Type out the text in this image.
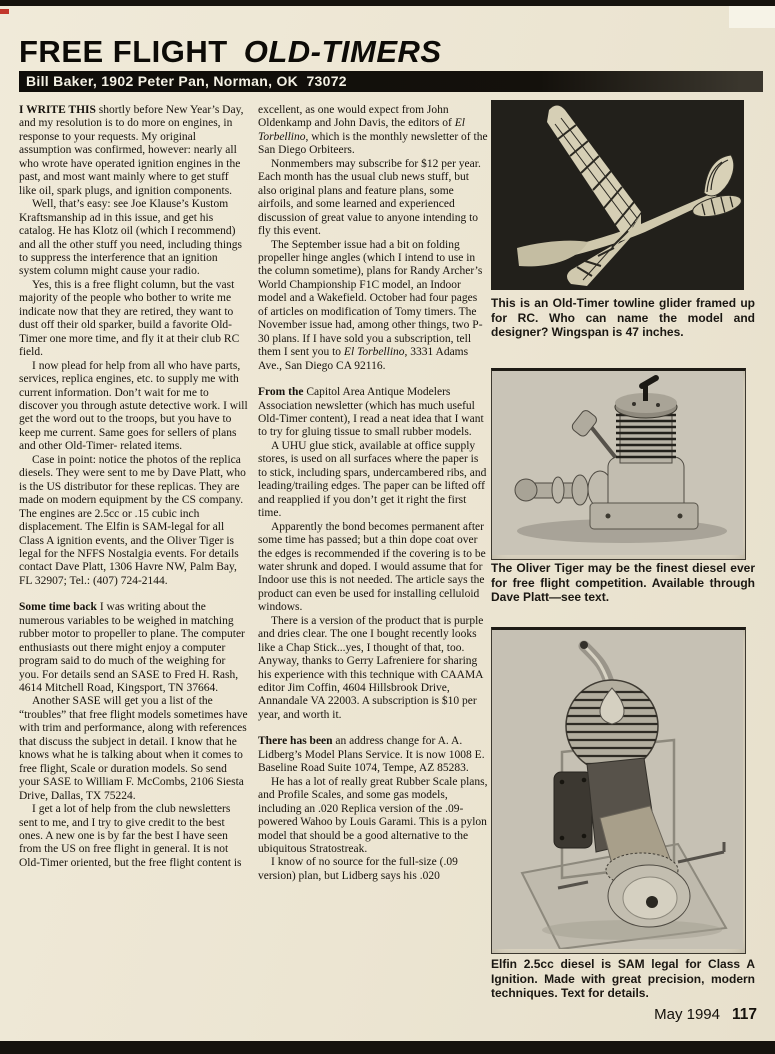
FREE FLIGHT OLD-TIMERS
Bill Baker, 1902 Peter Pan, Norman, OK  73072

I WRITE THIS shortly before New Year’s Day, and my resolution is to do more on engines, in response to your requests. My original assumption was confirmed, however: nearly all who wrote have operated ignition engines in the past, and most want mainly where to get stuff like oil, spark plugs, and ignition components.

Well, that’s easy: see Joe Klause’s Kustom Kraftsmanship ad in this issue, and get his catalog. He has Klotz oil (which I recommend) and all the other stuff you need, including things to suppress the interference that an ignition system column might cause your radio.

Yes, this is a free flight column, but the vast majority of the people who bother to write me indicate now that they are retired, they want to dust off their old sparker, build a favorite Old-Timer one more time, and fly it at their club RC field.

I now plead for help from all who have parts, services, replica engines, etc. to supply me with current information. Don’t wait for me to discover you through astute detective work. I will get the word out to the troops, but you have to keep me current. Same goes for sellers of plans and other Old-Timer- related items.

Case in point: notice the photos of the replica diesels. They were sent to me by Dave Platt, who is the US distributor for these replicas. They are made on modern equipment by the CS company. The engines are 2.5cc or .15 cubic inch displacement. The Elfin is SAM-legal for all Class A ignition events, and the Oliver Tiger is legal for the NFFS Nostalgia events. For details contact Dave Platt, 1306 Havre NW, Palm Bay, FL 32907; Tel.: (407) 724-2144.

Some time back I was writing about the numerous variables to be weighed in matching rubber motor to propeller to plane. The computer enthusiasts out there might enjoy a computer program said to do much of the weighing for you. For details send an SASE to Fred H. Rash, 4614 Mitchell Road, Kingsport, TN 37664.

Another SASE will get you a list of the “troubles” that free flight models sometimes have with trim and performance, along with references that discuss the subject in detail. I know that he knows what he is talking about when it comes to free flight, Scale or duration models. So send your SASE to William F. McCombs, 2106 Siesta Drive, Dallas, TX 75224.

I get a lot of help from the club newsletters sent to me, and I try to give credit to the best ones. A new one is by far the best I have seen from the US on free flight in general. It is not Old-Timer oriented, but the free flight content is

excellent, as one would expect from John Oldenkamp and John Davis, the editors of El Torbellino, which is the monthly newsletter of the San Diego Orbiteers.

Nonmembers may subscribe for $12 per year. Each month has the usual club news stuff, but also original plans and feature plans, some airfoils, and some learned and experienced discussion of great value to anyone intending to fly this event.

The September issue had a bit on folding propeller hinge angles (which I intend to use in the column sometime), plans for Randy Archer’s World Championship F1C model, an Indoor model and a Wakefield. October had four pages of articles on modification of Tomy timers. The November issue had, among other things, two P-30 plans. If I have sold you a subscription, tell them I sent you to El Torbellino, 3331 Adams Ave., San Diego CA 92116.

From the Capitol Area Antique Modelers Association newsletter (which has much useful Old-Timer content), I read a neat idea that I want to try for gluing tissue to small rubber models.

A UHU glue stick, available at office supply stores, is used on all surfaces where the paper is to stick, including spars, undercambered ribs, and leading/trailing edges. The paper can be lifted off and reapplied if you don’t get it right the first time.

Apparently the bond becomes permanent after some time has passed; but a thin dope coat over the edges is recommended if the covering is to be water shrunk and doped. I would assume that for Indoor use this is not needed. The article says the product can even be used for installing celluloid windows.

There is a version of the product that is purple and dries clear. The one I bought recently looks like a Chap Stick...yes, I thought of that, too. Anyway, thanks to Gerry Lafreniere for sharing his experience with this technique with CAAMA editor Jim Coffin, 4604 Hillsbrook Drive, Annandale VA 22003. A subscription is $10 per year, and worth it.

There has been an address change for A. A. Lidberg’s Model Plans Service. It is now 1008 E. Baseline Road Suite 1074, Tempe, AZ 85283.

He has a lot of really great Rubber Scale plans, and Profile Scales, and some gas models, including an .020 Replica version of the .09-powered Wahoo by Louis Garami. This is a pylon model that should be a good alternative to the ubiquitous Stratostreak.

I know of no source for the full-size (.09 version) plan, but Lidberg says his .020

This is an Old-Timer towline glider framed up for RC. Who can name the model and designer? Wingspan is 47 inches.
The Oliver Tiger may be the finest diesel ever for free flight competition. Available through Dave Platt—see text.
Elfin 2.5cc diesel is SAM legal for Class A Ignition. Made with great precision, modern techniques. Text for details.
May 1994 117
